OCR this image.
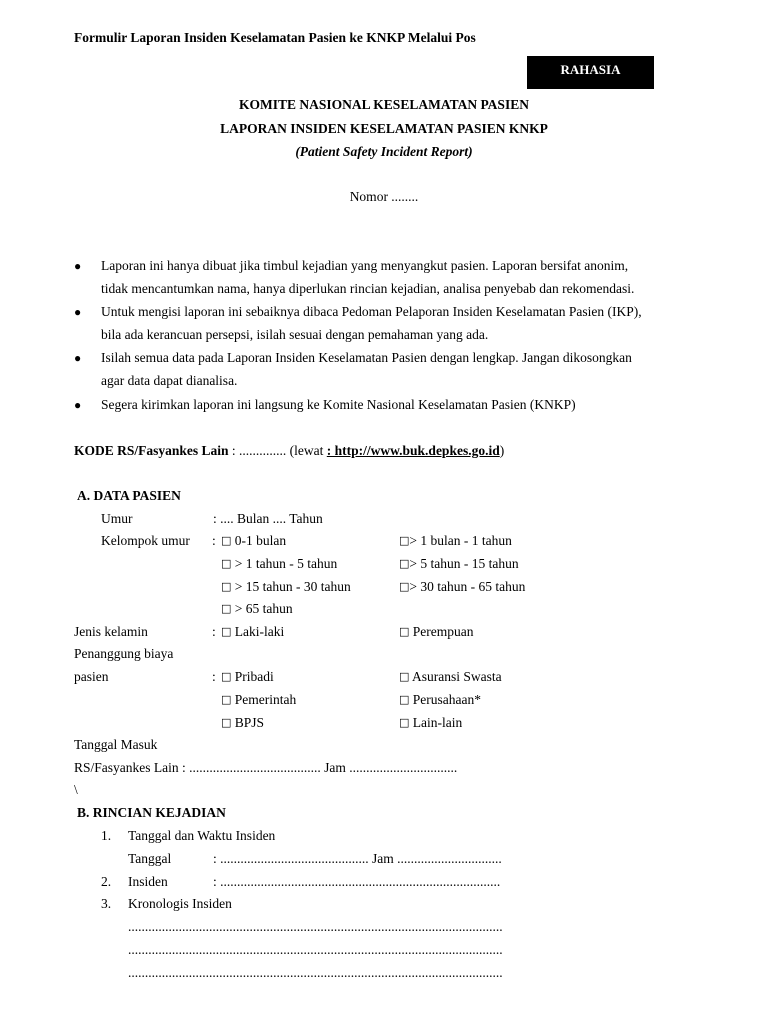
Formulir Laporan Insiden Keselamatan Pasien ke KNKP Melalui Pos
RAHASIA
KOMITE NASIONAL KESELAMATAN PASIEN
LAPORAN INSIDEN KESELAMATAN PASIEN KNKP
(Patient Safety Incident Report)
Nomor ........
● Laporan ini hanya dibuat jika timbul kejadian yang menyangkut pasien. Laporan bersifat anonim,
tidak mencantumkan nama, hanya diperlukan rincian kejadian, analisa penyebab dan rekomendasi.
● Untuk mengisi laporan ini sebaiknya dibaca Pedoman Pelaporan Insiden Keselamatan Pasien (IKP),
bila ada kerancuan persepsi, isilah sesuai dengan pemahaman yang ada.
● Isilah semua data pada Laporan Insiden Keselamatan Pasien dengan lengkap. Jangan dikosongkan
agar data dapat dianalisa.
● Segera kirimkan laporan ini langsung ke Komite Nasional Keselamatan Pasien (KNKP)
KODE RS/Fasyankes Lain : .............. (lewat : http://www.buk.depkes.go.id)
A. DATA PASIEN
Umur	: .... Bulan .... Tahun
Kelompok umur : □ 0-1 bulan	□> 1 bulan - 1 tahun
□ > 1 tahun - 5 tahun	□> 5 tahun - 15 tahun
□ > 15 tahun - 30 tahun	□> 30 tahun - 65 tahun
□ > 65 tahun
Jenis kelamin	: □ Laki-laki	□ Perempuan
Penanggung biaya
pasien	: □ Pribadi	□ Asuransi Swasta
□ Pemerintah	□ Perusahaan*
□ BPJS	□ Lain-lain
Tanggal Masuk
RS/Fasyankes Lain : ....................................... Jam ................................
\
B. RINCIAN KEJADIAN
1. Tanggal dan Waktu Insiden
Tanggal	: ............................................ Jam ...............................
2. Insiden	: ...................................................................................
3. Kronologis Insiden
...............................................................................................................
...............................................................................................................
...............................................................................................................
